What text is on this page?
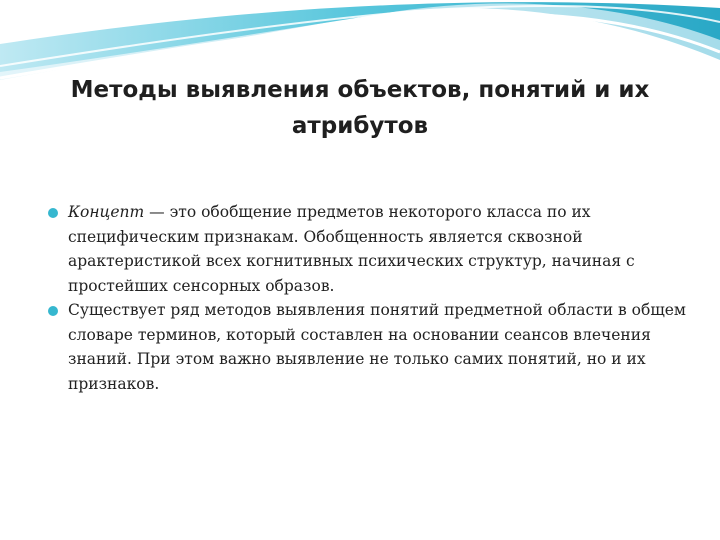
Методы выявления объектов, понятий и их атрибутов
Концепт — это обобщение предметов некоторого класса по их специфическим признакам. Обобщенность является сквозной арактеристикой всех когнитивных психических структур, начиная с простейших сенсорных образов.
Существует ряд методов выявления понятий предметной области в общем словаре терминов, который составлен на основании сеансов влечения знаний. При этом важно выявление не только самих понятий, но и их признаков.
